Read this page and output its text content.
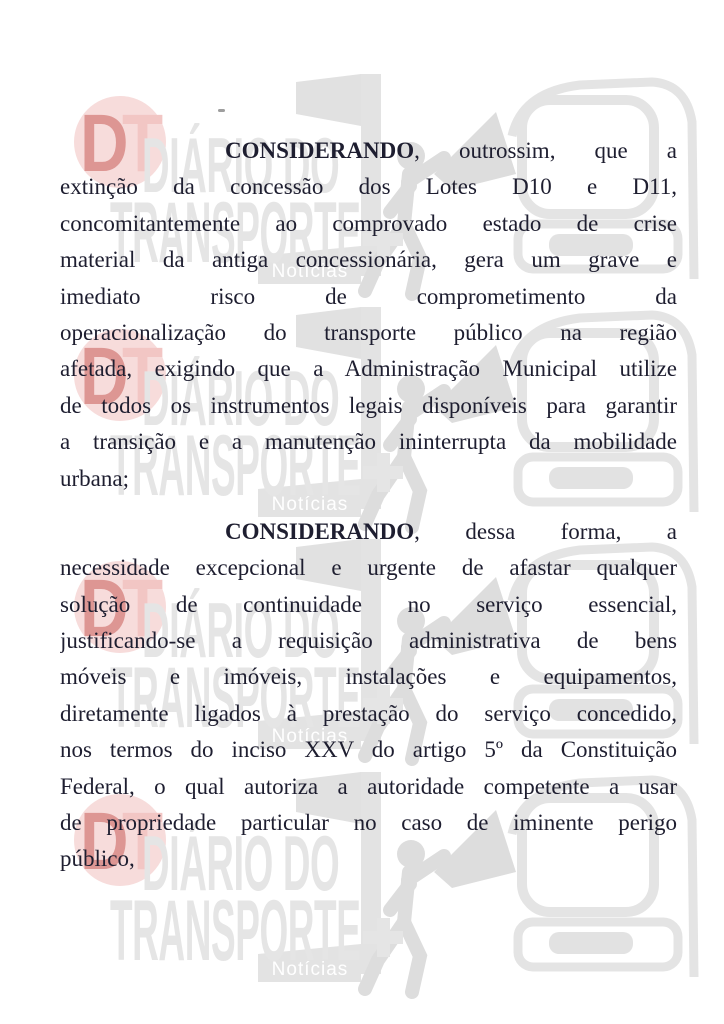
CONSIDERANDO, outrossim, que a
extinção da concessão dos Lotes D10 e D11,
concomitantemente ao comprovado estado de crise
material da antiga concessionária, gera um grave e
imediato risco de comprometimento da
operacionalização do transporte público na região
afetada, exigindo que a Administração Municipal utilize
de todos os instrumentos legais disponíveis para garantir
a transição e a manutenção ininterrupta da mobilidade
urbana;
CONSIDERANDO, dessa forma, a
necessidade excepcional e urgente de afastar qualquer
solução de continuidade no serviço essencial,
justificando-se a requisição administrativa de bens
móveis e imóveis, instalações e equipamentos,
diretamente ligados à prestação do serviço concedido,
nos termos do inciso XXV do artigo 5º da Constituição
Federal, o qual autoriza a autoridade competente a usar
de propriedade particular no caso de iminente perigo
público,
